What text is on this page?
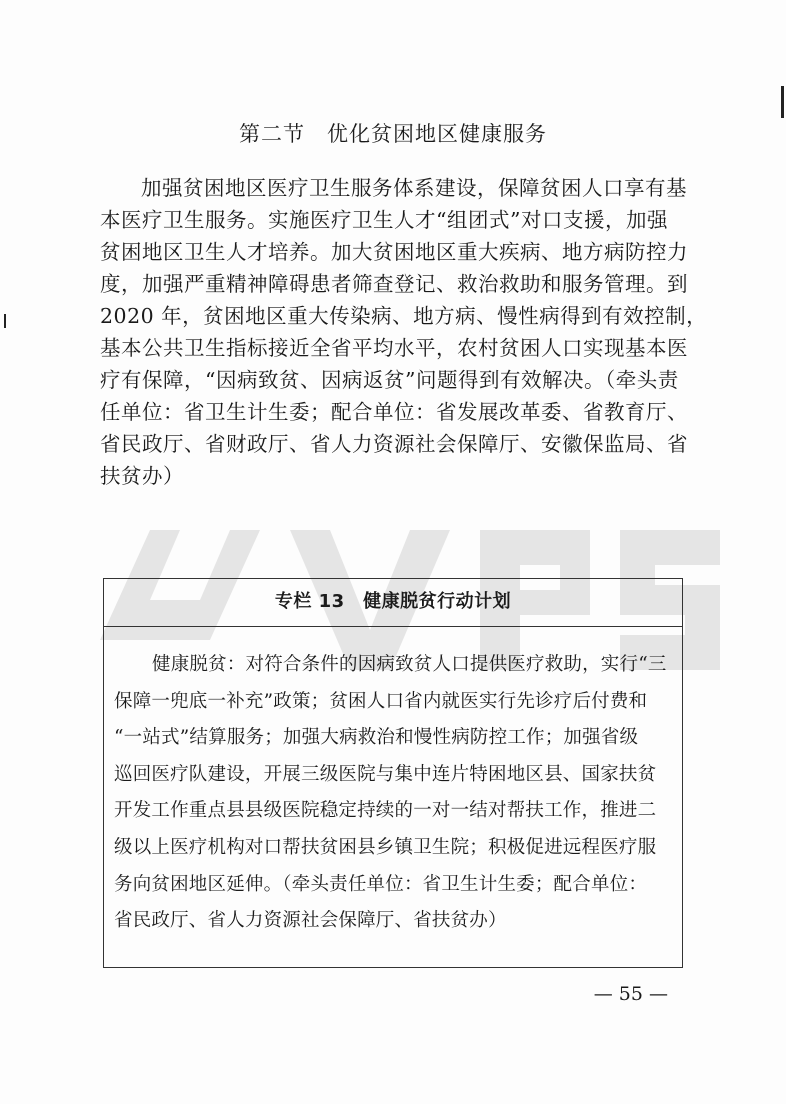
第二节　优化贫困地区健康服务
加强贫困地区医疗卫生服务体系建设，保障贫困人口享有基
本医疗卫生服务。实施医疗卫生人才“组团式”对口支援，加强
贫困地区卫生人才培养。加大贫困地区重大疾病、地方病防控力
度，加强严重精神障碍患者筛查登记、救治救助和服务管理。到
2020 年，贫困地区重大传染病、地方病、慢性病得到有效控制，
基本公共卫生指标接近全省平均水平，农村贫困人口实现基本医
疗有保障，“因病致贫、因病返贫”问题得到有效解决。（牵头责
任单位：省卫生计生委；配合单位：省发展改革委、省教育厅、
省民政厅、省财政厅、省人力资源社会保障厅、安徽保监局、省
扶贫办）
专栏 13　健康脱贫行动计划
健康脱贫：对符合条件的因病致贫人口提供医疗救助，实行“三
保障一兜底一补充”政策；贫困人口省内就医实行先诊疗后付费和
“一站式”结算服务；加强大病救治和慢性病防控工作；加强省级
巡回医疗队建设，开展三级医院与集中连片特困地区县、国家扶贫
开发工作重点县县级医院稳定持续的一对一结对帮扶工作，推进二
级以上医疗机构对口帮扶贫困县乡镇卫生院；积极促进远程医疗服
务向贫困地区延伸。（牵头责任单位：省卫生计生委；配合单位：
省民政厅、省人力资源社会保障厅、省扶贫办）
— 55 —
